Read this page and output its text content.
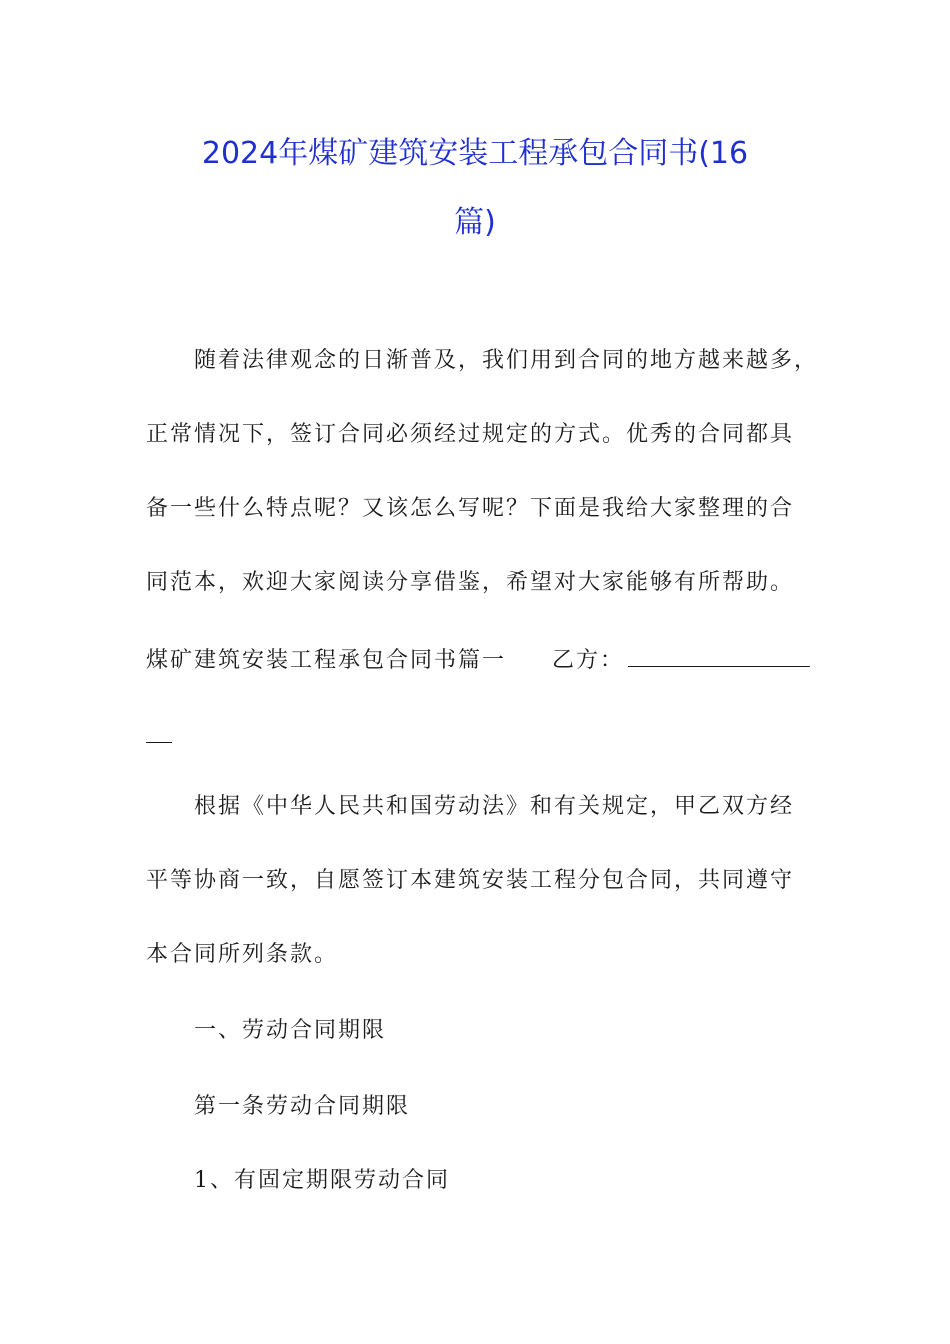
2024年煤矿建筑安装工程承包合同书(16
篇)
随着法律观念的日渐普及，我们用到合同的地方越来越多，
正常情况下，签订合同必须经过规定的方式。优秀的合同都具
备一些什么特点呢？又该怎么写呢？下面是我给大家整理的合
同范本，欢迎大家阅读分享借鉴，希望对大家能够有所帮助。
煤矿建筑安装工程承包合同书篇一 乙方：
根据《中华人民共和国劳动法》和有关规定，甲乙双方经
平等协商一致，自愿签订本建筑安装工程分包合同，共同遵守
本合同所列条款。
一、劳动合同期限
第一条劳动合同期限
1、有固定期限劳动合同
